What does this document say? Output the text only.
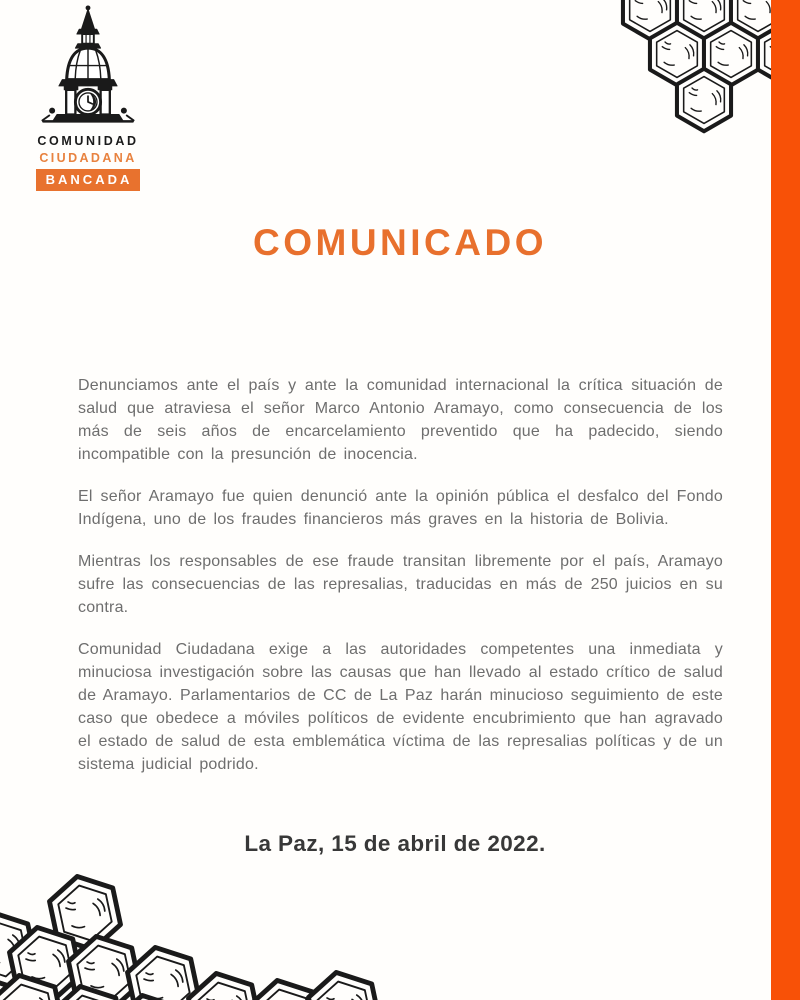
COMUNIDAD
CIUDADANA
BANCADA
COMUNICADO

Denunciamos ante el país y ante la comunidad internacional la crítica situación de salud que atraviesa el señor Marco Antonio Aramayo, como consecuencia de los más de seis años de encarcelamiento preventido que ha padecido, siendo incompatible con la presunción de inocencia.

El señor Aramayo fue quien denunció ante la opinión pública el desfalco del Fondo Indígena, uno de los fraudes financieros más graves en la historia de Bolivia.

Mientras los responsables de ese fraude transitan libremente por el país, Aramayo sufre las consecuencias de las represalias, traducidas en más de 250 juicios en su contra.

Comunidad Ciudadana exige a las autoridades competentes una inmediata y minuciosa investigación sobre las causas que han llevado al estado crítico de salud de Aramayo. Parlamentarios de CC de La Paz harán minucioso seguimiento de este caso que obedece a móviles políticos de evidente encubrimiento que han agravado el estado de salud de esta emblemática víctima de las represalias políticas y de un sistema judicial podrido.

La Paz, 15 de abril de 2022.
